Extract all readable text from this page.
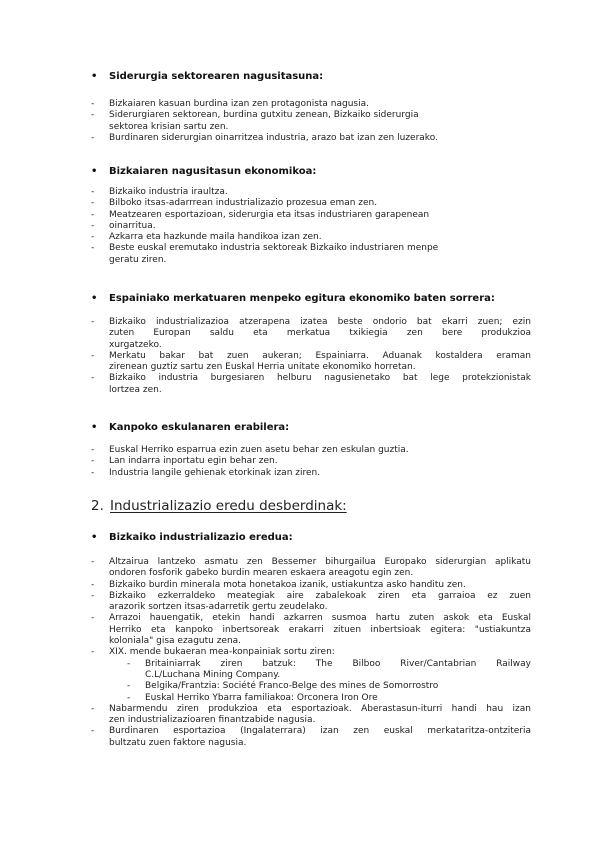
•	Siderurgia sektorearen nagusitasuna:
-	Bizkaiaren kasuan burdina izan zen protagonista nagusia.
-	Siderurgiaren sektorean, burdina gutxitu zenean, Bizkaiko siderurgia
sektorea krisian sartu zen.
-	Burdinaren siderurgian oinarritzea industria, arazo bat izan zen luzerako.
•	Bizkaiaren nagusitasun ekonomikoa:
-	Bizkaiko industria iraultza.
-	Bilboko itsas-adarrrean industrializazio prozesua eman zen.
-	Meatzearen esportazioan, siderurgia eta itsas industriaren garapenean
-	oinarritua.
-	Azkarra eta hazkunde maila handikoa izan zen.
-	Beste euskal eremutako industria sektoreak Bizkaiko industriaren menpe
geratu ziren.
•	Espainiako merkatuaren menpeko egitura ekonomiko baten sorrera:
-	Bizkaiko industrializazioa atzerapena izatea beste ondorio bat ekarri zuen; ezin
zuten Europan saldu eta merkatua txikiegia zen bere produkzioa
xurgatzeko.
-	Merkatu bakar bat zuen aukeran; Espainiarra. Aduanak kostaldera eraman
zirenean guztiz sartu zen Euskal Herria unitate ekonomiko horretan.
-	Bizkaiko industria burgesiaren helburu nagusienetako bat lege protekzionistak
lortzea zen.
•	Kanpoko eskulanaren erabilera:
-	Euskal Herriko esparrua ezin zuen asetu behar zen eskulan guztia.
-	Lan indarra inportatu egin behar zen.
-	Industria langile gehienak etorkinak izan ziren.
2. Industrializazio eredu desberdinak:
•	Bizkaiko industrializazio eredua:
-	Altzairua lantzeko asmatu zen Bessemer bihurgailua Europako siderurgian aplikatu
ondoren fosforik gabeko burdin mearen eskaera areagotu egin zen.
-	Bizkaiko burdin minerala mota honetakoa izanik, ustiakuntza asko handitu zen.
-	Bizkaiko ezkerraldeko meategiak aire zabalekoak ziren eta garraioa ez zuen
arazorik sortzen itsas-adarretik gertu zeudelako.
-	Arrazoi hauengatik, etekin handi azkarren susmoa hartu zuten askok eta Euskal
Herriko eta kanpoko inbertsoreak erakarri zituen inbertsioak egitera: "ustiakuntza
koloniala" gisa ezagutu zena.
-	XIX. mende bukaeran mea-konpainiak sortu ziren:
-	Britainiarrak ziren batzuk: The Bilboo River/Cantabrian Railway
C.L/Luchana Mining Company.
-	Belgika/Frantzia: Société Franco-Belge des mines de Somorrostro
-	Euskal Herriko Ybarra familiakoa: Orconera Iron Ore
-	Nabarmendu ziren produkzioa eta esportazioak. Aberastasun-iturri handi hau izan
zen industrializazioaren finantzabide nagusia.
-	Burdinaren esportazioa (Ingalaterrara) izan zen euskal merkataritza-ontziteria
bultzatu zuen faktore nagusia.
